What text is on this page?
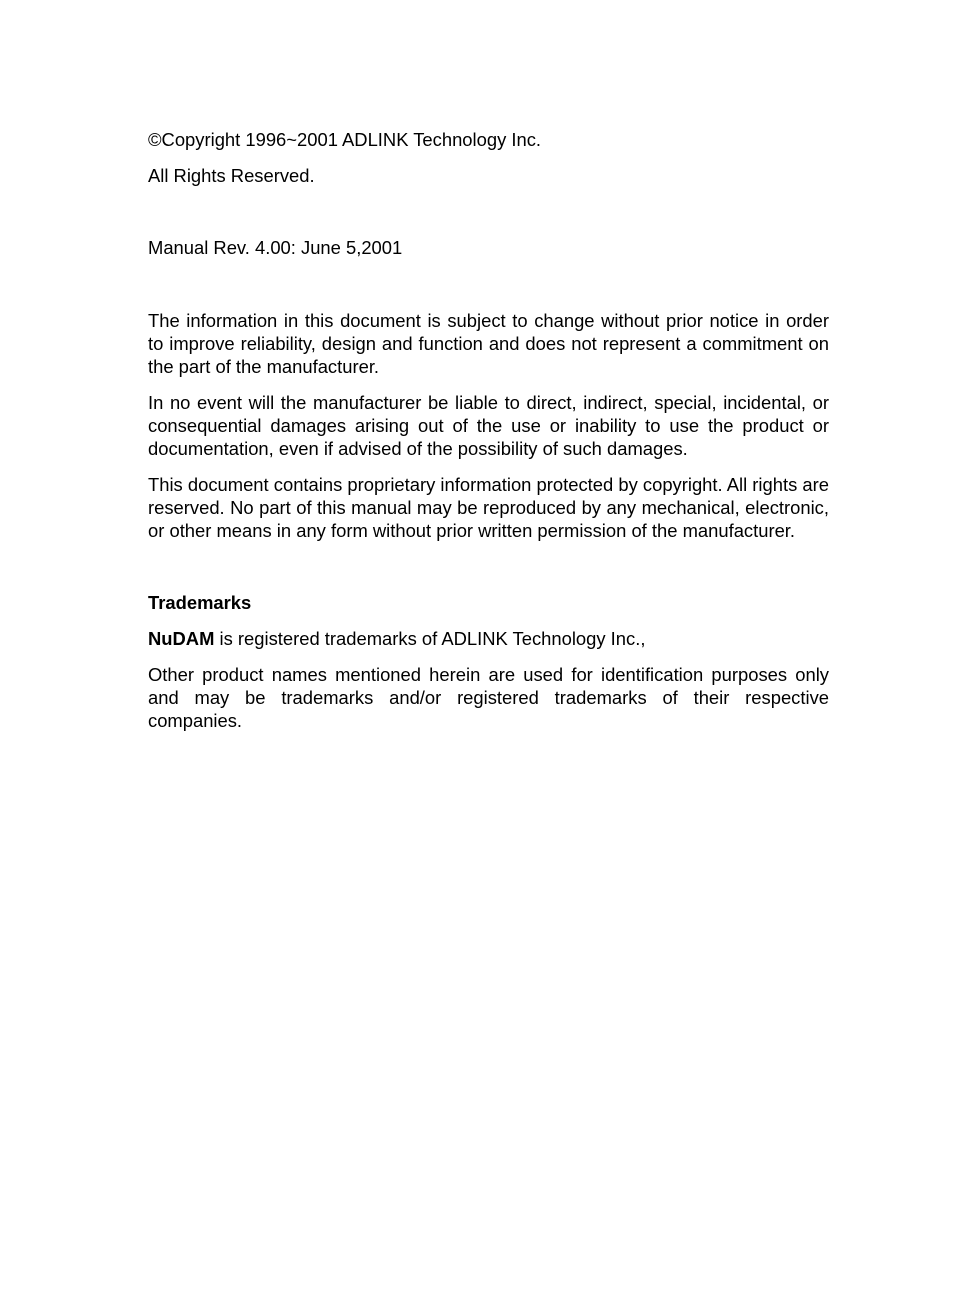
©Copyright 1996~2001 ADLINK Technology Inc.

All Rights Reserved.

Manual Rev. 4.00: June 5,2001

The information in this document is subject to change without prior notice in order to improve reliability, design and function and does not represent a commitment on the part of the manufacturer.

In no event will the manufacturer be liable to direct, indirect, special, incidental, or consequential damages arising out of the use or inability to use the product or documentation, even if advised of the possibility of such damages.

This document contains proprietary information protected by copyright. All rights are reserved. No part of this manual may be reproduced by any mechanical, electronic, or other means in any form without prior written permission of the manufacturer.

Trademarks

NuDAM is registered trademarks of ADLINK Technology Inc.,

Other product names mentioned herein are used for identification purposes only and may be trademarks and/or registered trademarks of their respective companies.
